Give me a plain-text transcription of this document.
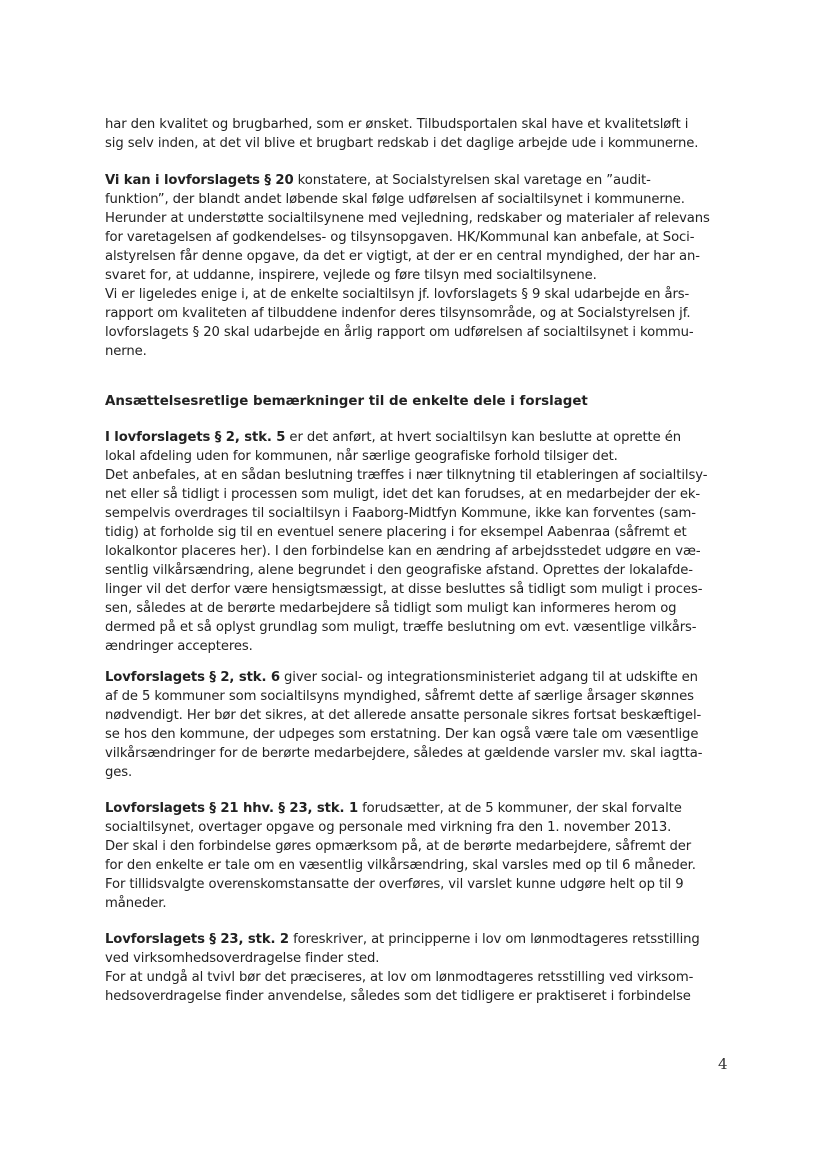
har den kvalitet og brugbarhed, som er ønsket. Tilbudsportalen skal have et kvalitetsløft i
sig selv inden, at det vil blive et brugbart redskab i det daglige arbejde ude i kommunerne.
Vi kan i lovforslagets § 20 konstatere, at Socialstyrelsen skal varetage en ”audit-
funktion”, der blandt andet løbende skal følge udførelsen af socialtilsynet i kommunerne.
Herunder at understøtte socialtilsynene med vejledning, redskaber og materialer af relevans
for varetagelsen af godkendelses- og tilsynsopgaven. HK/Kommunal kan anbefale, at Soci-
alstyrelsen får denne opgave, da det er vigtigt, at der er en central myndighed, der har an-
svaret for, at uddanne, inspirere, vejlede og føre tilsyn med socialtilsynene.
Vi er ligeledes enige i, at de enkelte socialtilsyn jf. lovforslagets § 9 skal udarbejde en års-
rapport om kvaliteten af tilbuddene indenfor deres tilsynsområde, og at Socialstyrelsen jf.
lovforslagets § 20 skal udarbejde en årlig rapport om udførelsen af socialtilsynet i kommu-
nerne.
Ansættelsesretlige bemærkninger til de enkelte dele i forslaget
I lovforslagets § 2, stk. 5 er det anført, at hvert socialtilsyn kan beslutte at oprette én
lokal afdeling uden for kommunen, når særlige geografiske forhold tilsiger det.
Det anbefales, at en sådan beslutning træffes i nær tilknytning til etableringen af socialtilsy-
net eller så tidligt i processen som muligt, idet det kan forudses, at en medarbejder der ek-
sempelvis overdrages til socialtilsyn i Faaborg-Midtfyn Kommune, ikke kan forventes (sam-
tidig) at forholde sig til en eventuel senere placering i for eksempel Aabenraa (såfremt et
lokalkontor placeres her). I den forbindelse kan en ændring af arbejdsstedet udgøre en væ-
sentlig vilkårsændring, alene begrundet i den geografiske afstand. Oprettes der lokalafde-
linger vil det derfor være hensigtsmæssigt, at disse besluttes så tidligt som muligt i proces-
sen, således at de berørte medarbejdere så tidligt som muligt kan informeres herom og
dermed på et så oplyst grundlag som muligt, træffe beslutning om evt. væsentlige vilkårs-
ændringer accepteres.
Lovforslagets § 2, stk. 6 giver social- og integrationsministeriet adgang til at udskifte en
af de 5 kommuner som socialtilsyns myndighed, såfremt dette af særlige årsager skønnes
nødvendigt. Her bør det sikres, at det allerede ansatte personale sikres fortsat beskæftigel-
se hos den kommune, der udpeges som erstatning. Der kan også være tale om væsentlige
vilkårsændringer for de berørte medarbejdere, således at gældende varsler mv. skal iagtta-
ges.
Lovforslagets § 21 hhv. § 23, stk. 1 forudsætter, at de 5 kommuner, der skal forvalte
socialtilsynet, overtager opgave og personale med virkning fra den 1. november 2013.
Der skal i den forbindelse gøres opmærksom på, at de berørte medarbejdere, såfremt der
for den enkelte er tale om en væsentlig vilkårsændring, skal varsles med op til 6 måneder.
For tillidsvalgte overenskomstansatte der overføres, vil varslet kunne udgøre helt op til 9
måneder.
Lovforslagets § 23, stk. 2 foreskriver, at principperne i lov om lønmodtageres retsstilling
ved virksomhedsoverdragelse finder sted.
For at undgå al tvivl bør det præciseres, at lov om lønmodtageres retsstilling ved virksom-
hedsoverdragelse finder anvendelse, således som det tidligere er praktiseret i forbindelse
4
